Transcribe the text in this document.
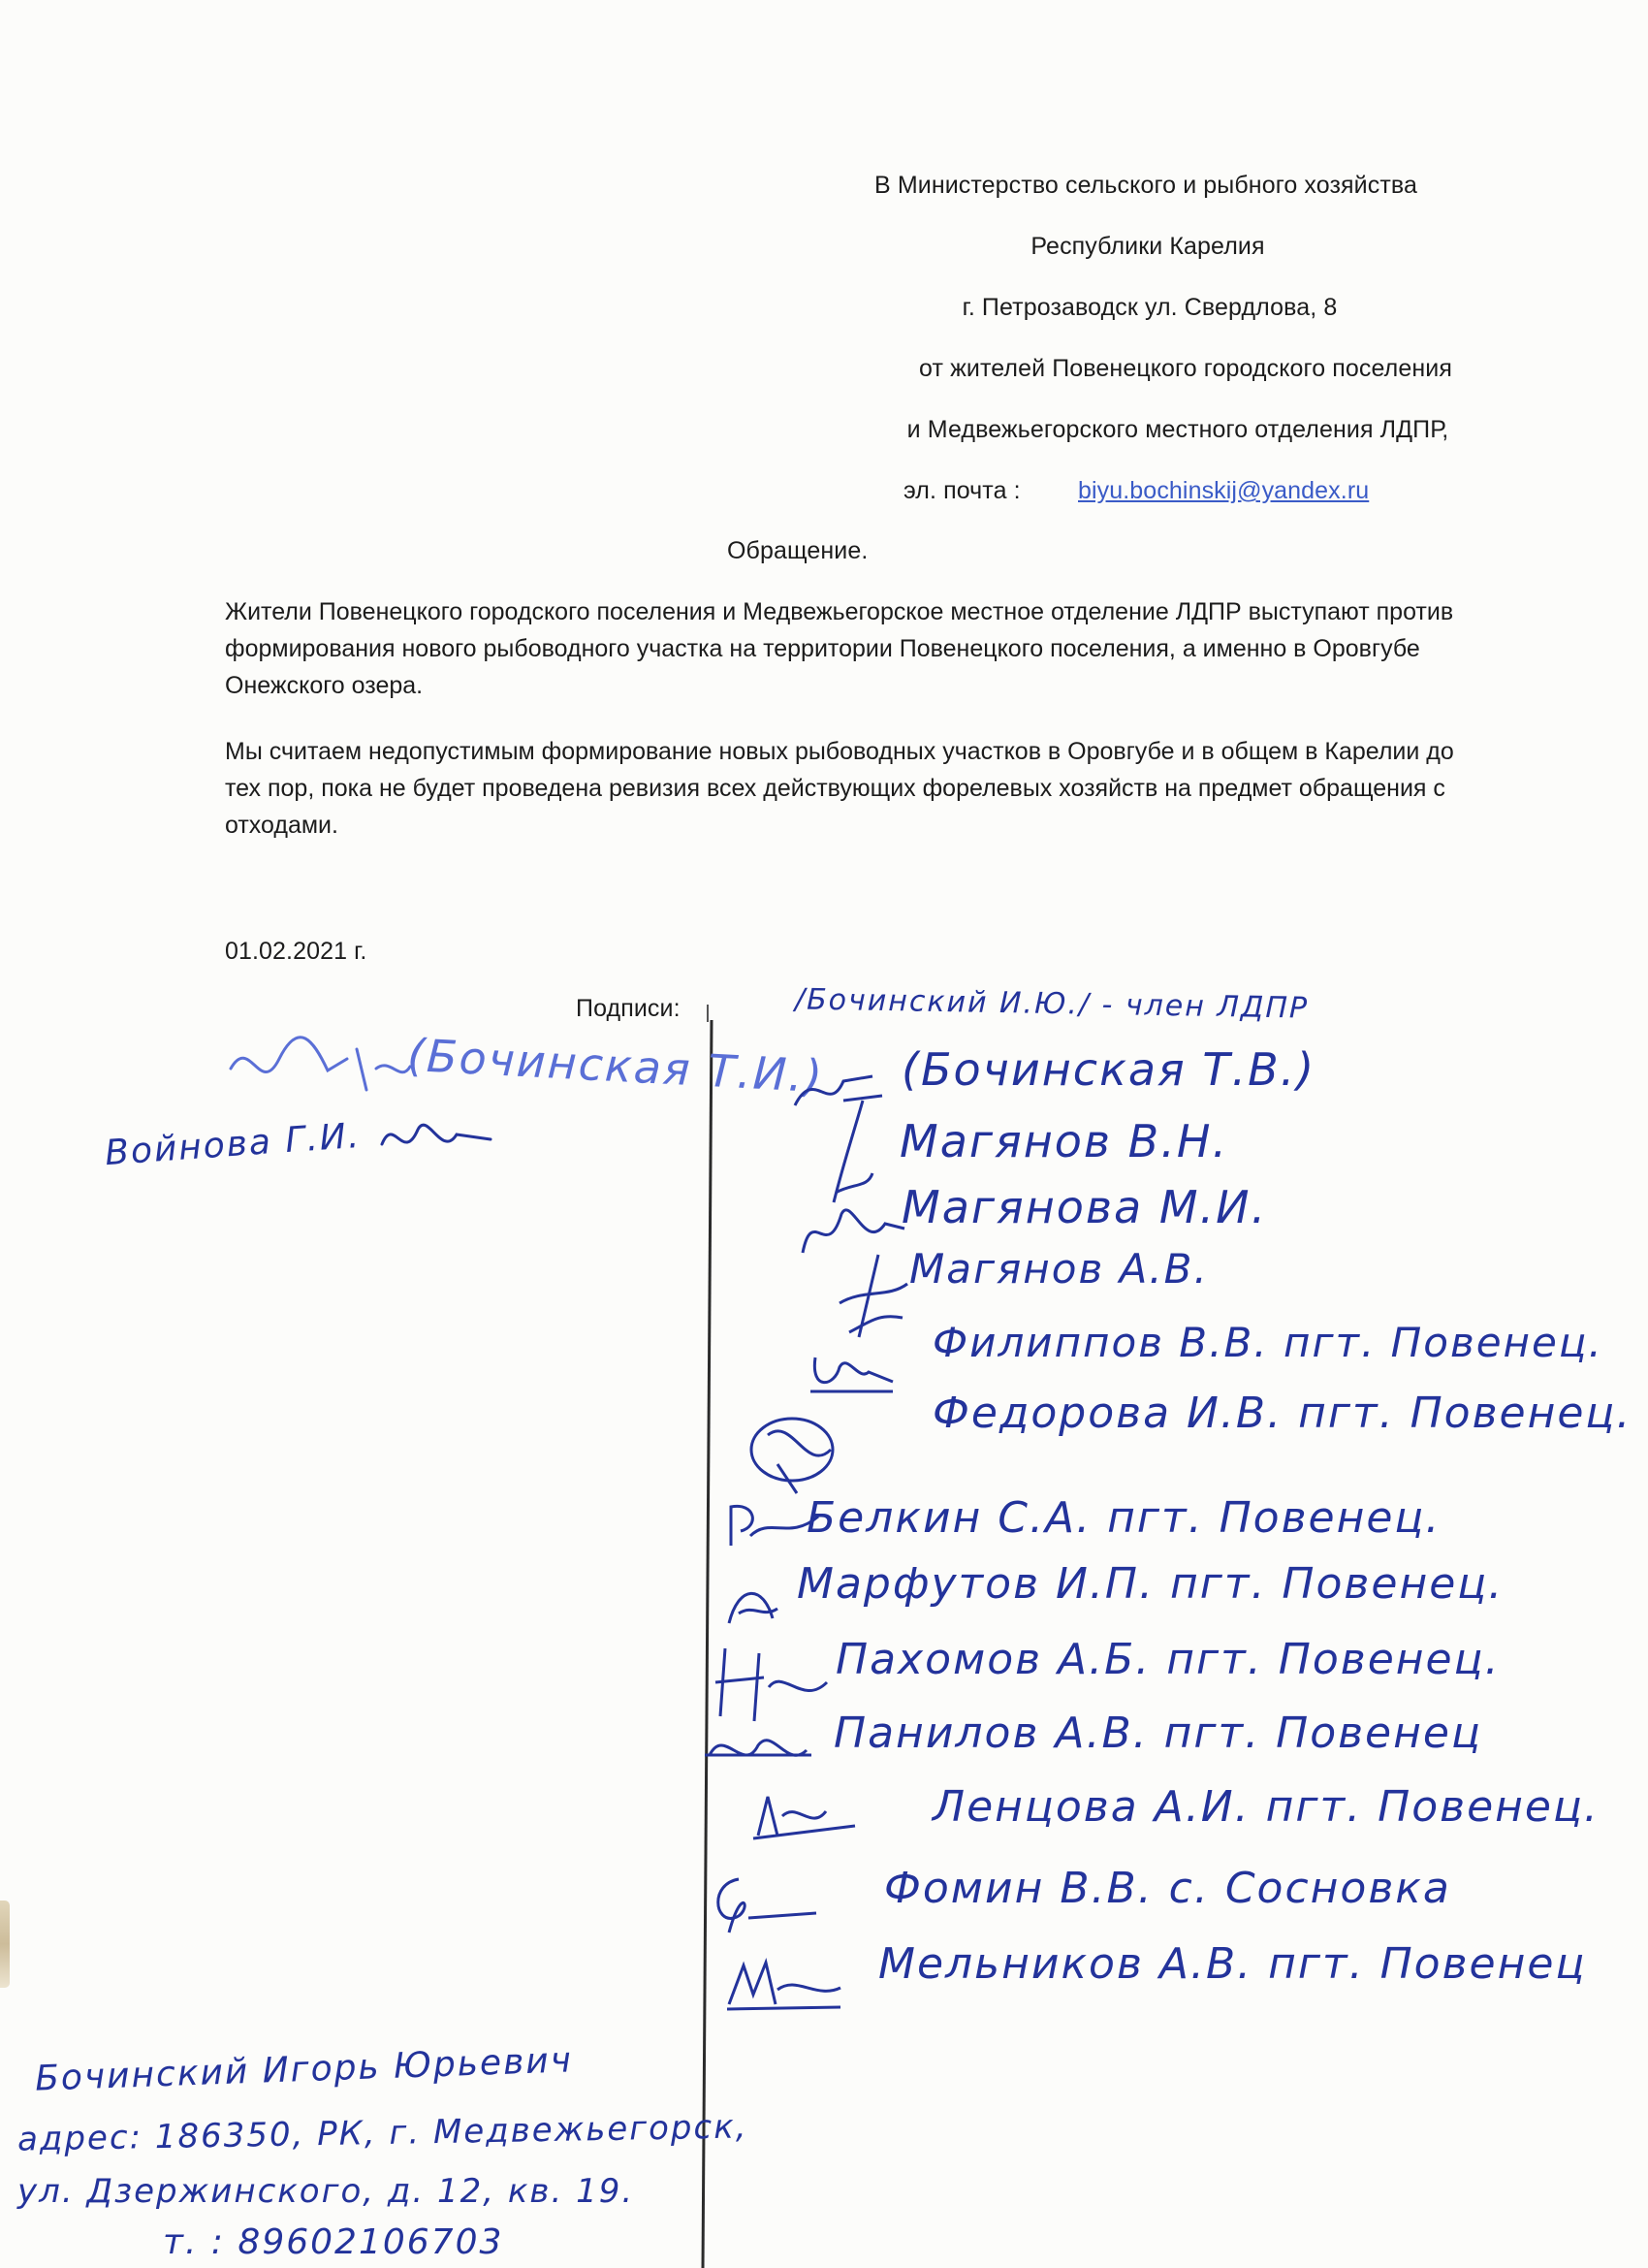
В Министерство сельского и рыбного хозяйства
Республики Карелия
г. Петрозаводск ул. Свердлова, 8
от жителей Повенецкого городского поселения
и Медвежьегорского местного отделения ЛДПР,
эл. почта : biyu.bochinskij@yandex.ru
Обращение.
Жители Повенецкого городского поселения и Медвежьегорское местное отделение ЛДПР выступают против формирования нового рыбоводного участка на территории Повенецкого поселения, а именно в Оровгубе Онежского озера.
Мы считаем недопустимым формирование новых рыбоводных участков в Оровгубе и в общем в Карелии до тех пор, пока не будет проведена ревизия всех действующих форелевых хозяйств на предмет обращения с отходами.
01.02.2021 г.
Подписи:
(Бочинская Т.И.)
Войнова Г.И.
/Бочинский И.Ю./ - член ЛДПР
(Бочинская Т.В.)
Магянов В.Н.
Магянова М.И.
Магянов А.В.
Филиппов В.В. пгт. Повенец.
Федорова И.В. пгт. Повенец.
Белкин С.А. пгт. Повенец.
Марфутов И.П. пгт. Повенец.
Пахомов А.Б. пгт. Повенец.
Панилов А.В. пгт. Повенец
Ленцова А.И. пгт. Повенец.
Фомин В.В. с. Сосновка
Мельников А.В. пгт. Повенец
Бочинский Игорь Юрьевич
адрес: 186350, РК, г. Медвежьегорск,
ул. Дзержинского, д. 12, кв. 19.
т. : 89602106703
